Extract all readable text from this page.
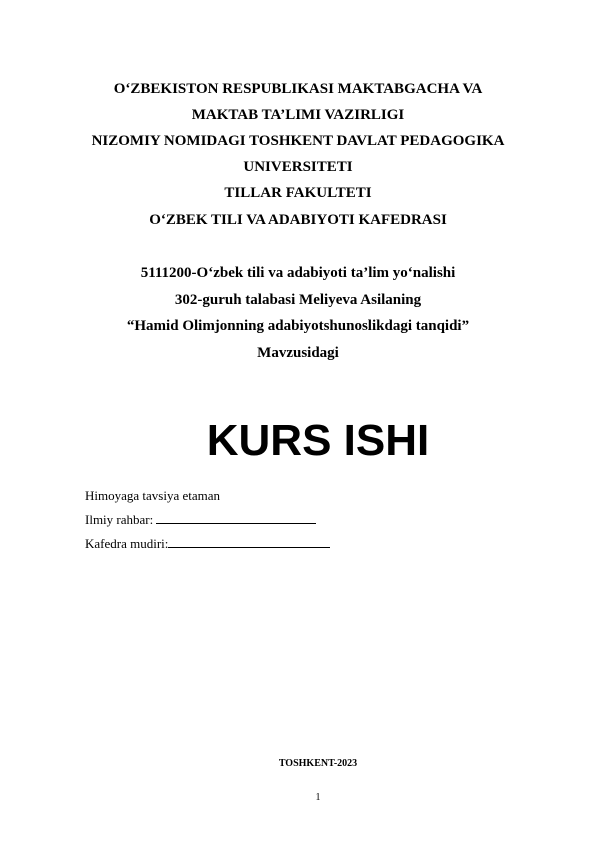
O‘ZBEKISTON RESPUBLIKASI MAKTABGACHA VA
MAKTAB TA’LIMI VAZIRLIGI
NIZOMIY NOMIDAGI TOSHKENT DAVLAT PEDAGOGIKA
UNIVERSITETI
TILLAR FAKULTETI
O‘ZBEK TILI VA ADABIYOTI KAFEDRASI
5111200-O‘zbek tili va adabiyoti ta’lim yo‘nalishi
302-guruh talabasi Meliyeva Asilaning
“Hamid Olimjonning adabiyotshunoslikdagi tanqidi”
Mavzusidagi
KURS ISHI
Himoyaga tavsiya etaman
Ilmiy rahbar:
Kafedra mudiri:
TOSHKENT-2023
1
